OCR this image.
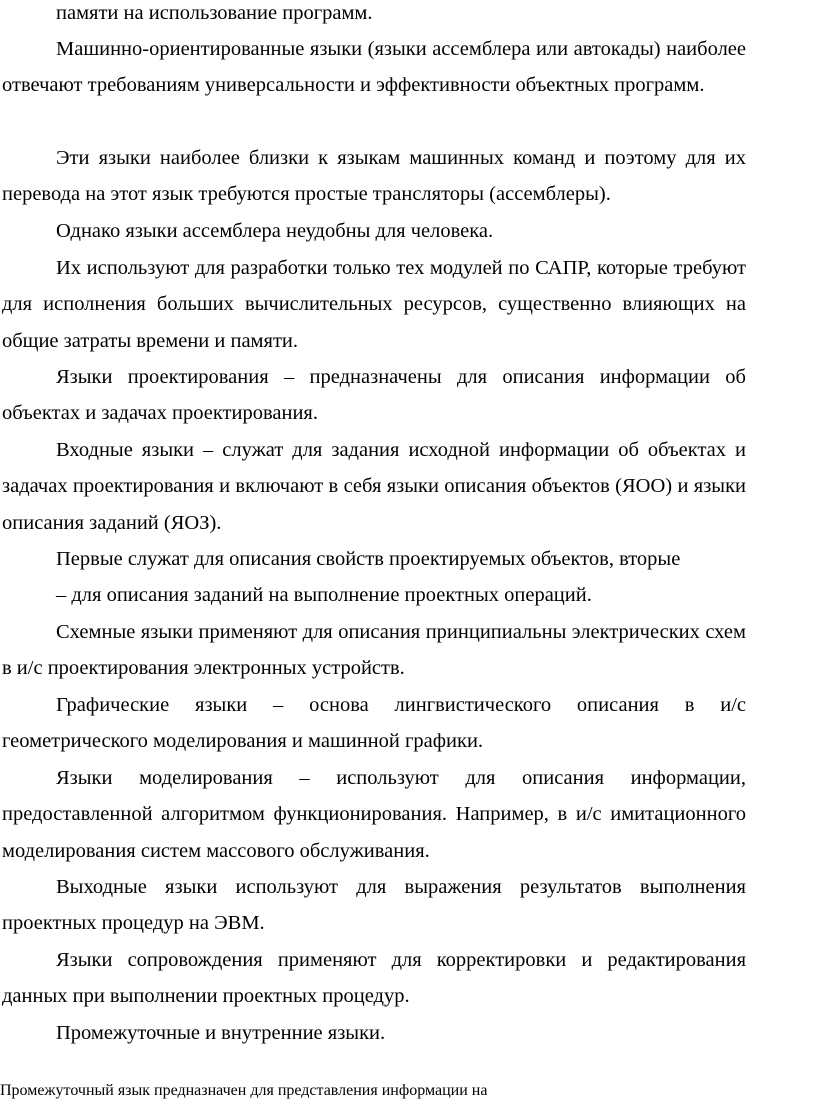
памяти на использование программ.

Машинно-ориентированные языки (языки ассемблера или автокады) наиболее отвечают требованиям универсальности и эффективности объектных программ.

Эти языки наиболее близки к языкам машинных команд и поэтому для их перевода на этот язык требуются простые трансляторы (ассемблеры).

Однако языки ассемблера неудобны для человека.

Их используют для разработки только тех модулей по САПР, которые требуют для исполнения больших вычислительных ресурсов, существенно влияющих на общие затраты времени и памяти.

Языки проектирования – предназначены для описания информации об объектах и задачах проектирования.

Входные языки – служат для задания исходной информации об объектах и задачах проектирования и включают в себя языки описания объектов (ЯОО) и языки описания заданий (ЯОЗ).

Первые служат для описания свойств проектируемых объектов, вторые

– для описания заданий на выполнение проектных операций.

Схемные языки применяют для описания принципиальны электрических схем в и/с проектирования электронных устройств.

Графические языки – основа лингвистического описания в и/с геометрического моделирования и машинной графики.

Языки моделирования – используют для описания информации, предоставленной алгоритмом функционирования. Например, в и/с имитационного моделирования систем массового обслуживания.

Выходные языки используют для выражения результатов выполнения проектных процедур на ЭВМ.

Языки сопровождения применяют для корректировки и редактирования данных при выполнении проектных процедур.

Промежуточные и внутренние языки.

Промежуточный язык предназначен для представления информации на
